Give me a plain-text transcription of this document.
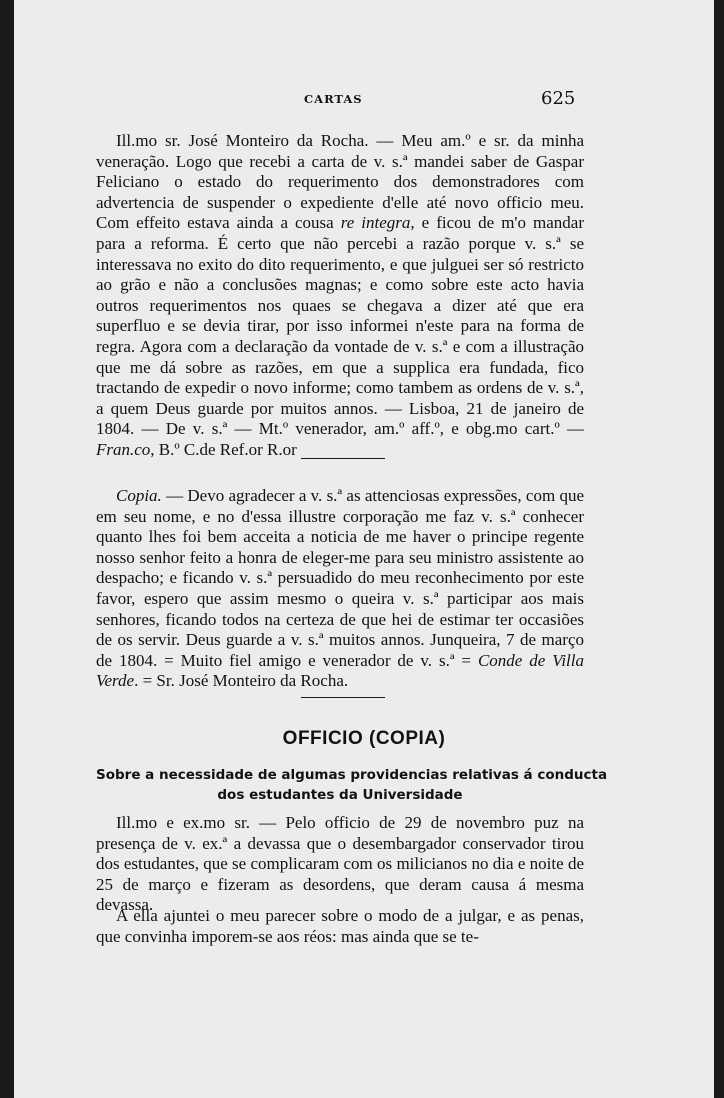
CARTAS	625

Ill.mo sr. José Monteiro da Rocha. — Meu am.º e sr. da minha veneração. Logo que recebi a carta de v. s.ª mandei saber de Gaspar Feliciano o estado do requerimento dos demonstradores com advertencia de suspender o expediente d'elle até novo officio meu. Com effeito estava ainda a cousa re integra, e ficou de m'o mandar para a reforma. É certo que não percebi a razão porque v. s.ª se interessava no exito do dito requerimento, e que julguei ser só restricto ao grão e não a conclusões magnas; e como sobre este acto havia outros requerimentos nos quaes se chegava a dizer até que era superfluo e se devia tirar, por isso informei n'este para na forma de regra. Agora com a declaração da vontade de v. s.ª e com a illustração que me dá sobre as razões, em que a supplica era fundada, fico tractando de expedir o novo informe; como tambem as ordens de v. s.ª, a quem Deus guarde por muitos annos. — Lisboa, 21 de janeiro de 1804. — De v. s.ª — Mt.º venerador, am.º aff.º, e obg.mo cart.º — Fran.co, B.º C.de Ref.or R.or

Copia. — Devo agradecer a v. s.ª as attenciosas expressões, com que em seu nome, e no d'essa illustre corporação me faz v. s.ª conhecer quanto lhes foi bem acceita a noticia de me haver o principe regente nosso senhor feito a honra de eleger-me para seu ministro assistente ao despacho; e ficando v. s.ª persuadido do meu reconhecimento por este favor, espero que assim mesmo o queira v. s.ª participar aos mais senhores, ficando todos na certeza de que hei de estimar ter occasiões de os servir. Deus guarde a v. s.ª muitos annos. Junqueira, 7 de março de 1804. = Muito fiel amigo e venerador de v. s.ª = Conde de Villa Verde. = Sr. José Monteiro da Rocha.

OFFICIO (COPIA)

Sobre a necessidade de algumas providencias relativas á conducta
dos estudantes da Universidade

Ill.mo e ex.mo sr. — Pelo officio de 29 de novembro puz na presença de v. ex.ª a devassa que o desembargador conservador tirou dos estudantes, que se complicaram com os milicianos no dia e noite de 25 de março e fizeram as desordens, que deram causa á mesma devassa.

A ella ajuntei o meu parecer sobre o modo de a julgar, e as penas, que convinha imporem-se aos réos: mas ainda que se te-
